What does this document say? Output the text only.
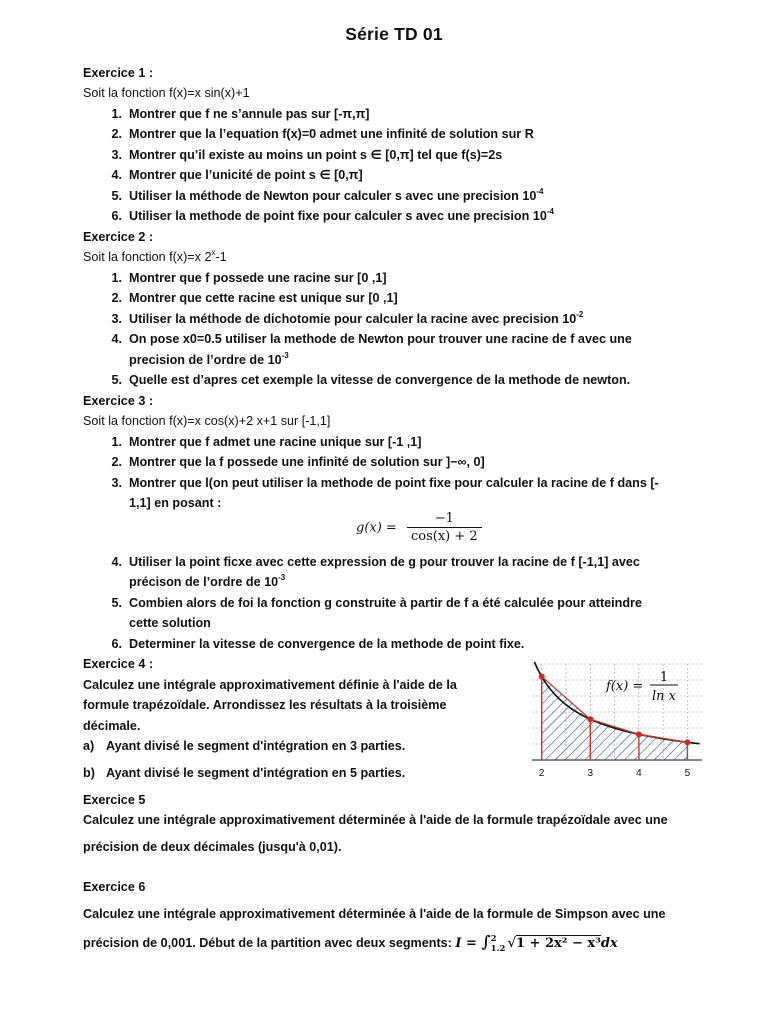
Série TD 01
Exercice 1 :
Soit la fonction f(x)=x sin(x)+1
1. Montrer que f ne s’annule pas sur [-π,π]
2. Montrer que la l’equation f(x)=0 admet une infinité de solution sur R
3. Montrer qu’il existe au moins un point s ∈ [0,π] tel que f(s)=2s
4. Montrer que l’unicité de point s ∈ [0,π]
5. Utiliser la méthode de Newton pour calculer s avec une precision $10^{-4}$
6. Utiliser la methode de point fixe pour calculer s avec une precision $10^{-4}$
Exercice 2 :
Soit la fonction f(x)=x 2$^x$-1
1. Montrer que f possede une racine sur [0 ,1]
2. Montrer que cette racine est unique sur [0 ,1]
3. Utiliser la méthode de dichotomie pour calculer la racine avec precision $10^{-2}$
4. On pose x0=0.5 utiliser la methode de Newton pour trouver une racine de f avec une
precision de l’ordre de $10^{-3}$
5. Quelle est d’apres cet exemple la vitesse de convergence de la methode de newton.
Exercice 3 :
Soit la fonction f(x)=x cos(x)+2 x+1 sur [-1,1]
1. Montrer que f admet une racine unique sur [-1 ,1]
2. Montrer que la f possede une infinité de solution sur ]−∞, 0]
3. Montrer que l(on peut utiliser la methode de point fixe pour calculer la racine de f dans [-
1,1] en posant :
$g(x) = \frac{-1}{\cos(x) + 2}$
4. Utiliser la point ficxe avec cette expression de g pour trouver la racine de f [-1,1] avec
précison de l’ordre de $10^{-3}$
5. Combien alors de foi la fonction g construite à partir de f a été calculée pour atteindre
cette solution
6. Determiner la vitesse de convergence de la methode de point fixe.
Exercice 4 :
Calculez une intégrale approximativement définie à l'aide de la
formule trapézoïdale. Arrondissez les résultats à la troisième
décimale.
a) Ayant divisé le segment d'intégration en 3 parties.
b) Ayant divisé le segment d'intégration en 5 parties.	2	3	4	5
f(x) =
1
ln x
Exercice 5
Calculez une intégrale approximativement déterminée à l'aide de la formule trapézoïdale avec une
précision de deux décimales (jusqu'à 0,01).
Exercice 6
Calculez une intégrale approximativement déterminée à l'aide de la formule de Simpson avec une
précision de 0,001. Début de la partition avec deux segments: I = ∫ 2
1.2 √1 + 2x² − x³dx
